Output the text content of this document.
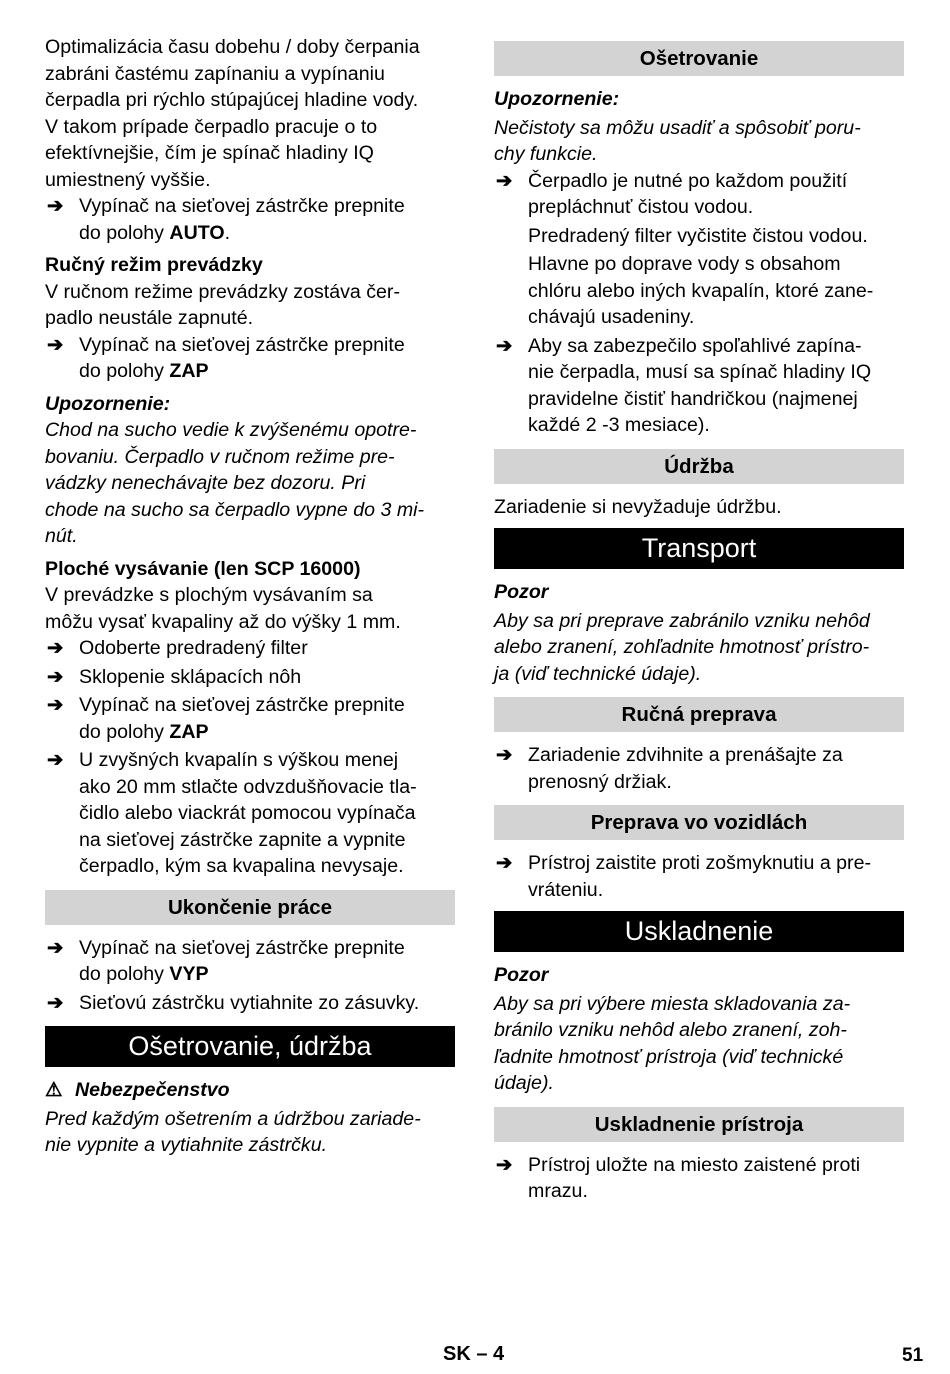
Optimalizácia času dobehu / doby čerpania

zabráni častému zapínaniu a vypínaniu

čerpadla pri rýchlo stúpajúcej hladine vody.

V takom prípade čerpadlo pracuje o to

efektívnejšie, čím je spínač hladiny IQ

umiestnený vyššie.

➔ Vypínač na sieťovej zástrčke prepnite
do polohy AUTO.
Ručný režim prevádzky

V ručnom režime prevádzky zostáva čer-

padlo neustále zapnuté.

➔ Vypínač na sieťovej zástrčke prepnite
do polohy ZAP
Upozornenie:

Chod na sucho vedie k zvýšenému opotre-

bovaniu. Čerpadlo v ručnom režime pre-

vádzky nenechávajte bez dozoru. Pri

chode na sucho sa čerpadlo vypne do 3 mi-

nút.

Ploché vysávanie (len SCP 16000)

V prevádzke s plochým vysávaním sa

môžu vysať kvapaliny až do výšky 1 mm.

➔ Odoberte predradený filter
➔ Sklopenie sklápacích nôh
➔ Vypínač na sieťovej zástrčke prepnite
do polohy ZAP
➔ U zvyšných kvapalín s výškou menej
ako 20 mm stlačte odvzdušňovacie tla-
čidlo alebo viackrát pomocou vypínača
na sieťovej zástrčke zapnite a vypnite
čerpadlo, kým sa kvapalina nevysaje.
Ukončenie práce
➔ Vypínač na sieťovej zástrčke prepnite
do polohy VYP
➔ Sieťovú zástrčku vytiahnite zo zásuvky.
Ošetrovanie, údržba
⚠ Nebezpečenstvo

Pred každým ošetrením a údržbou zariade-

nie vypnite a vytiahnite zástrčku.

Ošetrovanie
Upozornenie:

Nečistoty sa môžu usadiť a spôsobiť poru-

chy funkcie.

➔ Čerpadlo je nutné po každom použití
prepláchnuť čistou vodou.
Predradený filter vyčistite čistou vodou.
Hlavne po doprave vody s obsahom
chlóru alebo iných kvapalín, ktoré zane-
chávajú usadeniny.
➔ Aby sa zabezpečilo spoľahlivé zapína-
nie čerpadla, musí sa spínač hladiny IQ
pravidelne čistiť handričkou (najmenej
každé 2 -3 mesiace).
Údržba

Zariadenie si nevyžaduje údržbu.

Transport
Pozor

Aby sa pri preprave zabránilo vzniku nehôd

alebo zranení, zohľadnite hmotnosť prístro-

ja (viď technické údaje).

Ručná preprava
➔ Zariadenie zdvihnite a prenášajte za
prenosný držiak.
Preprava vo vozidlách
➔ Prístroj zaistite proti zošmyknutiu a pre-
vráteniu.
Uskladnenie
Pozor

Aby sa pri výbere miesta skladovania za-

bránilo vzniku nehôd alebo zranení, zoh-

ľadnite hmotnosť prístroja (viď technické

údaje).

Uskladnenie prístroja
➔ Prístroj uložte na miesto zaistené proti
mrazu.
SK – 4	51
